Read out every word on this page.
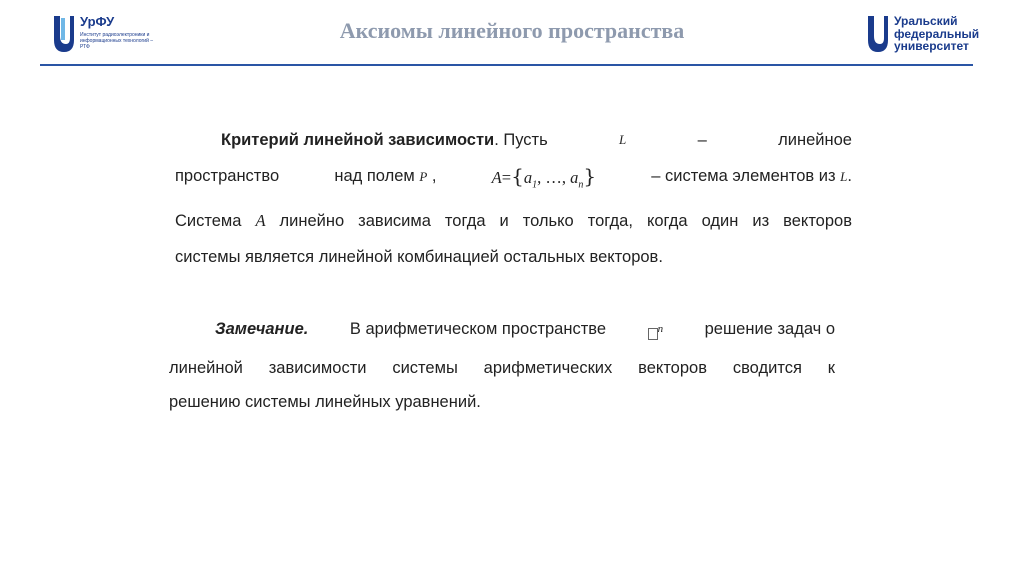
УрФУ
Институт радиоэлектроники и информационных технологий – РТФ
Аксиомы линейного пространства	Уральский
федеральный
университет
Критерий линейной зависимости. Пусть	L	–	линейное
пространство	над полем P ,	$A=\{a_1$, …, $a_n$}	– система элементов из L.
Система A линейно зависима тогда и только тогда, когда один из векторов
системы является линейной комбинацией остальных векторов.
Замечание.	В арифметическом пространстве	$^n$	решение задач о
линейной зависимости системы арифметических векторов сводится к
решению системы линейных уравнений.
